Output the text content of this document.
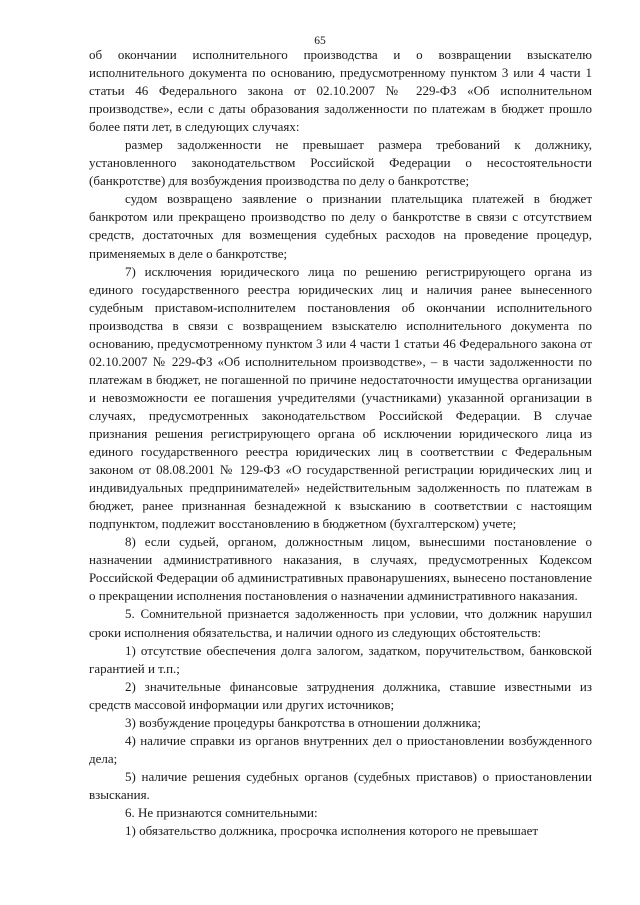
65

об окончании исполнительного производства и о возвращении взыскателю исполнительного документа по основанию, предусмотренному пунктом 3 или 4 части 1 статьи 46 Федерального закона от 02.10.2007 № 229-ФЗ «Об исполнительном производстве», если с даты образования задолженности по платежам в бюджет прошло более пяти лет, в следующих случаях:

размер задолженности не превышает размера требований к должнику, установленного законодательством Российской Федерации о несостоятельности (банкротстве) для возбуждения производства по делу о банкротстве;

судом возвращено заявление о признании плательщика платежей в бюджет банкротом или прекращено производство по делу о банкротстве в связи с отсутствием средств, достаточных для возмещения судебных расходов на проведение процедур, применяемых в деле о банкротстве;

7) исключения юридического лица по решению регистрирующего органа из единого государственного реестра юридических лиц и наличия ранее вынесенного судебным приставом-исполнителем постановления об окончании исполнительного производства в связи с возвращением взыскателю исполнительного документа по основанию, предусмотренному пунктом 3 или 4 части 1 статьи 46 Федерального закона от 02.10.2007 № 229-ФЗ «Об исполнительном производстве», – в части задолженности по платежам в бюджет, не погашенной по причине недостаточности имущества организации и невозможности ее погашения учредителями (участниками) указанной организации в случаях, предусмотренных законодательством Российской Федерации. В случае признания решения регистрирующего органа об исключении юридического лица из единого государственного реестра юридических лиц в соответствии с Федеральным законом от 08.08.2001 № 129-ФЗ «О государственной регистрации юридических лиц и индивидуальных предпринимателей» недействительным задолженность по платежам в бюджет, ранее признанная безнадежной к взысканию в соответствии с настоящим подпунктом, подлежит восстановлению в бюджетном (бухгалтерском) учете;

8) если судьей, органом, должностным лицом, вынесшими постановление о назначении административного наказания, в случаях, предусмотренных Кодексом Российской Федерации об административных правонарушениях, вынесено постановление о прекращении исполнения постановления о назначении административного наказания.

5. Сомнительной признается задолженность при условии, что должник нарушил сроки исполнения обязательства, и наличии одного из следующих обстоятельств:

1) отсутствие обеспечения долга залогом, задатком, поручительством, банковской гарантией и т.п.;

2) значительные финансовые затруднения должника, ставшие известными из средств массовой информации или других источников;

3) возбуждение процедуры банкротства в отношении должника;

4) наличие справки из органов внутренних дел о приостановлении возбужденного дела;

5) наличие решения судебных органов (судебных приставов) о приостановлении взыскания.

6. Не признаются сомнительными:

1) обязательство должника, просрочка исполнения которого не превышает
